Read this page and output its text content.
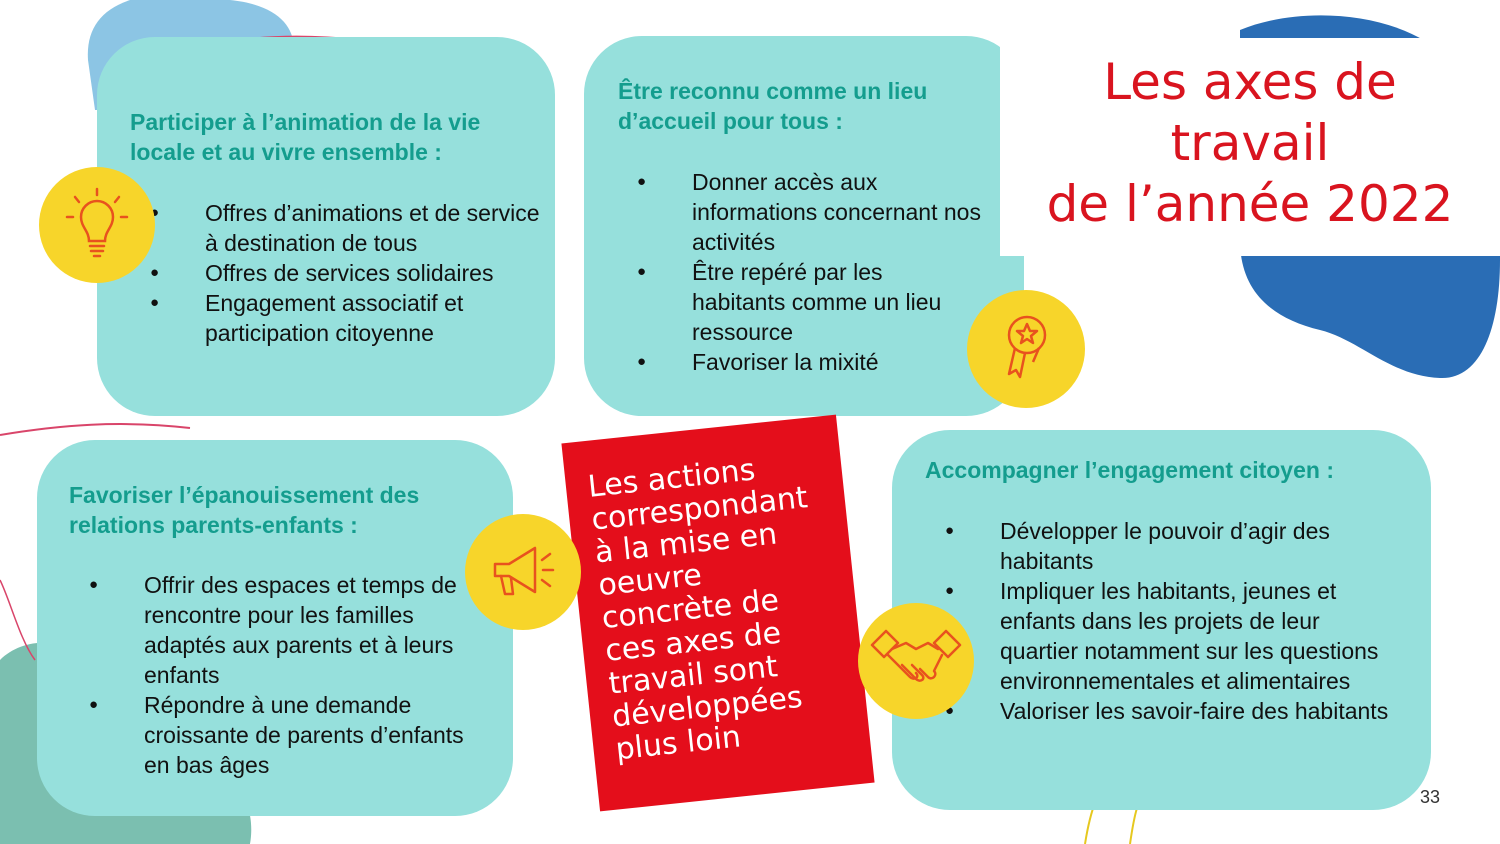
Participer à l’animation de la vie
locale et au vivre ensemble :

● Offres d’animations et de service à destination de tous
● Offres de services solidaires
● Engagement associatif et participation citoyenne

Être reconnu comme un lieu
d’accueil pour tous :

● Donner accès aux informations concernant nos activités
● Être repéré par les habitants comme un lieu ressource
● Favoriser la mixité

Favoriser l’épanouissement des
relations parents-enfants :

● Offrir des espaces et temps de rencontre pour les familles adaptés aux parents et à leurs enfants
● Répondre à une demande croissante de parents d’enfants en bas âges

Accompagner l’engagement citoyen :

● Développer le pouvoir d’agir des habitants
● Impliquer les habitants, jeunes et enfants dans les projets de leur quartier notamment sur les questions environnementales et alimentaires
● Valoriser les savoir-faire des habitants
Les axes de
travail
de l’année 2022
Les actions
correspondant
à la mise en
oeuvre
concrète de
ces axes de
travail sont
développées
plus loin
33
